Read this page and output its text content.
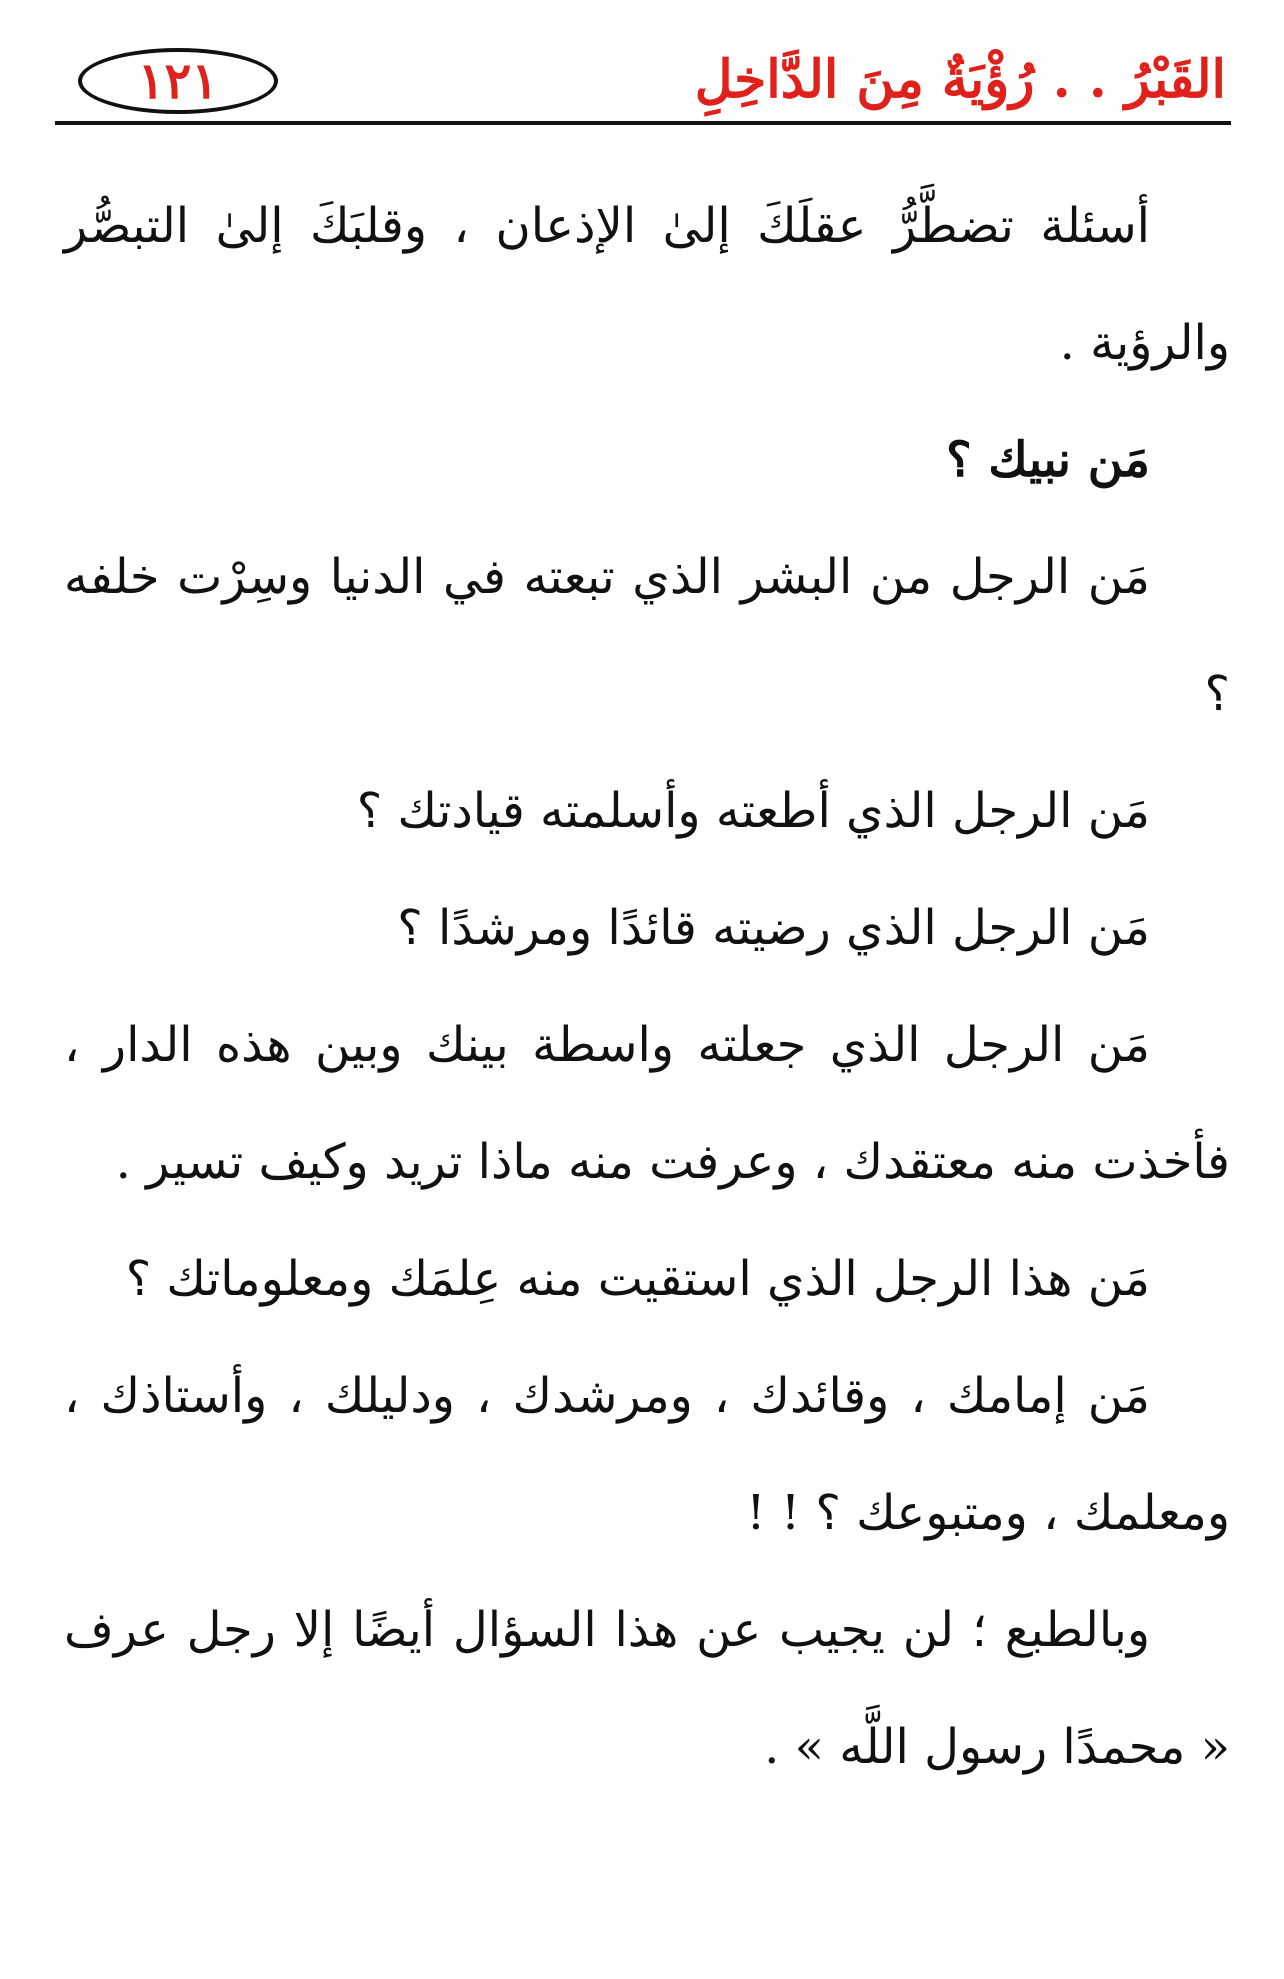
١٢١	القَبْرُ . . رُؤْيَةٌ مِنَ الدَّاخِلِ

أسئلة تضطَّرُّ عقلَكَ إلىٰ الإذعان ، وقلبَكَ إلىٰ التبصُّر والرؤية .

مَن نبيك ؟

مَن الرجل من البشر الذي تبعته في الدنيا وسِرْت خلفه ؟

مَن الرجل الذي أطعته وأسلمته قيادتك ؟

مَن الرجل الذي رضيته قائدًا ومرشدًا ؟

مَن الرجل الذي جعلته واسطة بينك وبين هذه الدار ، فأخذت منه معتقدك ، وعرفت منه ماذا تريد وكيف تسير .

مَن هذا الرجل الذي استقيت منه عِلمَك ومعلوماتك ؟

مَن إمامك ، وقائدك ، ومرشدك ، ودليلك ، وأستاذك ، ومعلمك ، ومتبوعك ؟ ! !

وبالطبع ؛ لن يجيب عن هذا السؤال أيضًا إلا رجل عرف « محمدًا رسول اللَّه » .
